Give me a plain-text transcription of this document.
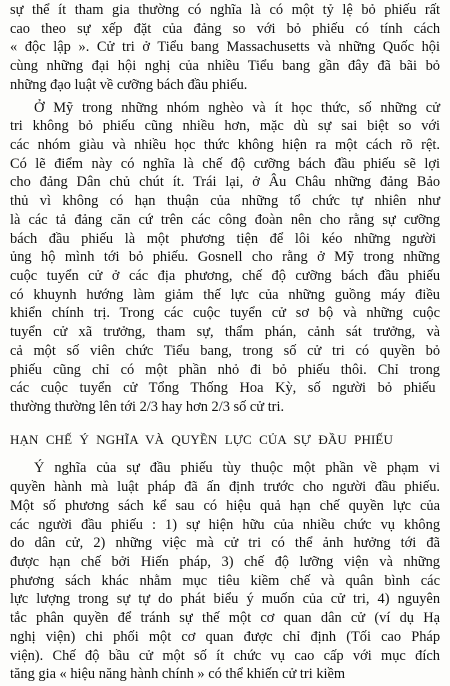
sự thể ít tham gia thường có nghĩa là có một tỷ lệ bỏ phiếu rất
cao theo sự xếp đặt của đảng so với bỏ phiếu có tính cách
« độc lập ». Cử tri ở Tiểu bang Massachusetts và những Quốc hội
cùng những đại hội nghị của nhiều Tiểu bang gần đây đã bãi bỏ
những đạo luật về cưỡng bách đầu phiếu.
Ở Mỹ trong những nhóm nghèo và ít học thức, số những cử
tri không bỏ phiếu cũng nhiều hơn, mặc dù sự sai biệt so với
các nhóm giàu và nhiều học thức không hiện ra một cách rõ rệt.
Có lẽ điểm này có nghĩa là chế độ cưỡng bách đầu phiếu sẽ lợi
cho đảng Dân chủ chút ít. Trái lại, ở Âu Châu những đảng Bảo
thủ vì không có hạn thuận của những tổ chức tự nhiên như
là các tả đảng căn cứ trên các công đoàn nên cho rằng sự cưỡng
bách đầu phiếu là một phương tiện để lôi kéo những người
ủng hộ mình tới bỏ phiếu. Gosnell cho rằng ở Mỹ trong những
cuộc tuyển cử ở các địa phương, chế độ cưỡng bách đầu phiếu
có khuynh hướng làm giảm thế lực của những guồng máy điều
khiển chính trị. Trong các cuộc tuyển cử sơ bộ và những cuộc
tuyển cử xã trưởng, tham sự, thẩm phán, cảnh sát trưởng, và
cả một số viên chức Tiểu bang, trong số cử tri có quyền bỏ
phiếu cũng chỉ có một phần nhỏ đi bỏ phiếu thôi. Chỉ trong
các cuộc tuyển cử Tổng Thống Hoa Kỳ, số người bỏ phiếu
thường thường lên tới 2/3 hay hơn 2/3 số cử tri.
HẠN CHẾ Ý NGHĨA VÀ QUYỀN LỰC CỦA SỰ ĐẦU PHIẾU
Ý nghĩa của sự đầu phiếu tùy thuộc một phần về phạm vi
quyền hành mà luật pháp đã ấn định trước cho người đầu phiếu.
Một số phương sách kể sau có hiệu quả hạn chế quyền lực của
các người đầu phiếu : 1) sự hiện hữu của nhiều chức vụ không
do dân cử, 2) những việc mà cử tri có thể ảnh hưởng tới đã
được hạn chế bởi Hiến pháp, 3) chế độ lưỡng viện và những
phương sách khác nhằm mục tiêu kiềm chế và quân bình các
lực lượng trong sự tự do phát biểu ý muốn của cử tri, 4) nguyên
tắc phân quyền để tránh sự thế một cơ quan dân cử (ví dụ Hạ
nghị viện) chi phối một cơ quan được chỉ định (Tối cao Pháp
viện). Chế độ bầu cử một số ít chức vụ cao cấp với mục đích
tăng gia « hiệu năng hành chính » có thể khiến cử tri kiềm
